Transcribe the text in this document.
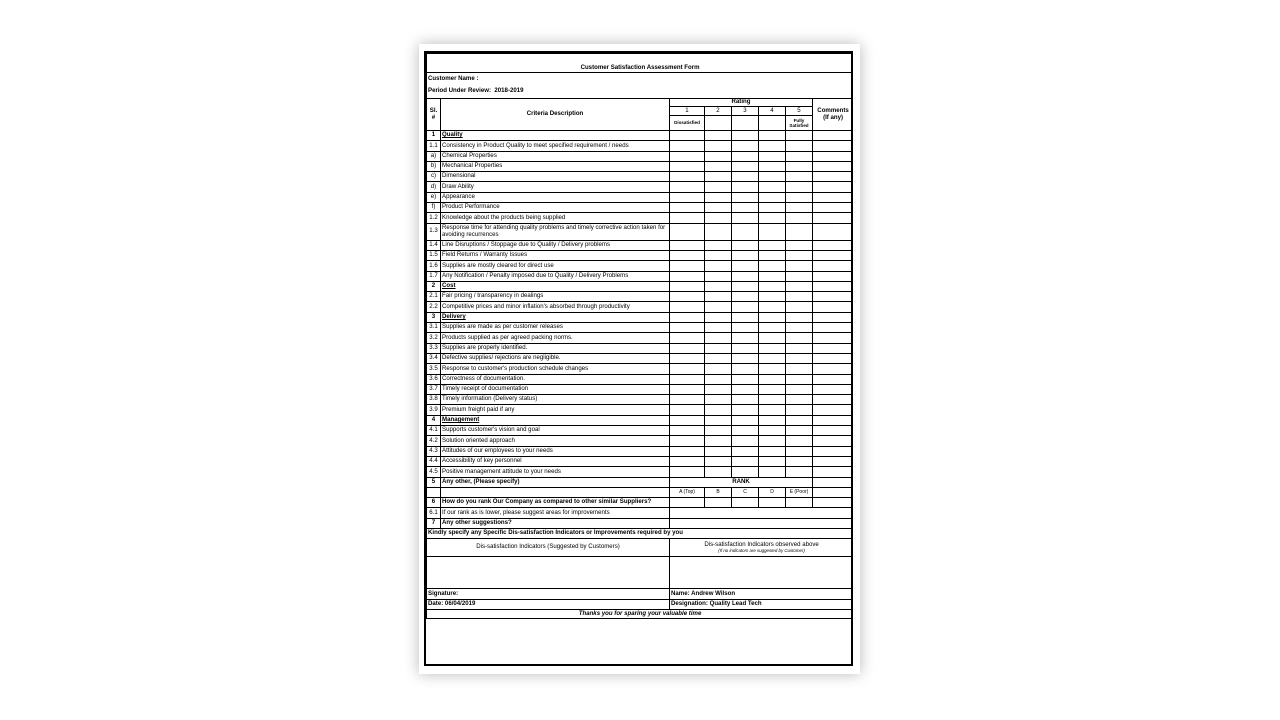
Customer Satisfaction Assessment Form							
Customer Name :							
Period Under Review: 2018-2019							
Sl. #	Criteria Description	Rating					Comments (If any)
		1	2	3	4	5	
		Dissatisfied				Fully Satisfied	
1	Quality						
1.1	Consistency in Product Quality to meet specified requirement / needs						
a)	Chemical Properties						
b)	Mechanical Properties						
c)	Dimensional						
d)	Draw Ability						
e)	Appearance						
f)	Product Performance						
1.2	Knowledge about the products being supplied						
1.3	Response time for attending quality problems and timely corrective action taken for avoiding recurrences						
1.4	Line Disruptions / Stoppage due to Quality / Delivery problems						
1.5	Field Returns / Warranty Issues						
1.6	Supplies are mostly cleared for direct use						
1.7	Any Notification / Penalty imposed due to Quality / Delivery Problems						
2	Cost						
2.1	Fair pricing / transparency in dealings						
2.2	Competitive prices and minor inflation's absorbed through productivity						
3	Delivery						
3.1	Supplies are made as per customer releases						
3.2	Products supplied as per agreed packing norms.						
3.3	Supplies are properly identified.						
3.4	Defective supplies/ rejections are negligible.						
3.5	Response to customer's production schedule changes						
3.6	Correctness of documentation.						
3.7	Timely receipt of documentation						
3.8	Timely information (Delivery status)						
3.9	Premium freight paid if any						
4	Management						
4.1	Supports customer's vision and goal						
4.2	Solution oriented approach						
4.3	Attitudes of our employees to your needs						
4.4	Accessibility of key personnel						
4.5	Positive management attitude to your needs						
5	Any other, (Please specify)	RANK					
		A (Top)	B	C	D	E (Poor)	
6	How do you rank Our Company as compared to other similar Suppliers?						
6.1	If our rank as is lower, please suggest areas for improvements						
7	Any other suggestions?						
Kindly specify any Specific Dis-satisfaction Indicators or Improvements required by you							
Dis-satisfaction Indicators (Suggested by Customers)		Dis-satisfaction Indicators observed above
(If no indicators are suggested by Customer)					

Signature:		Name: Andrew Wilson					
Date: 06/04/2019		Designation: Quality Lead Tech					
Thanks you for sparing your valuable time							
